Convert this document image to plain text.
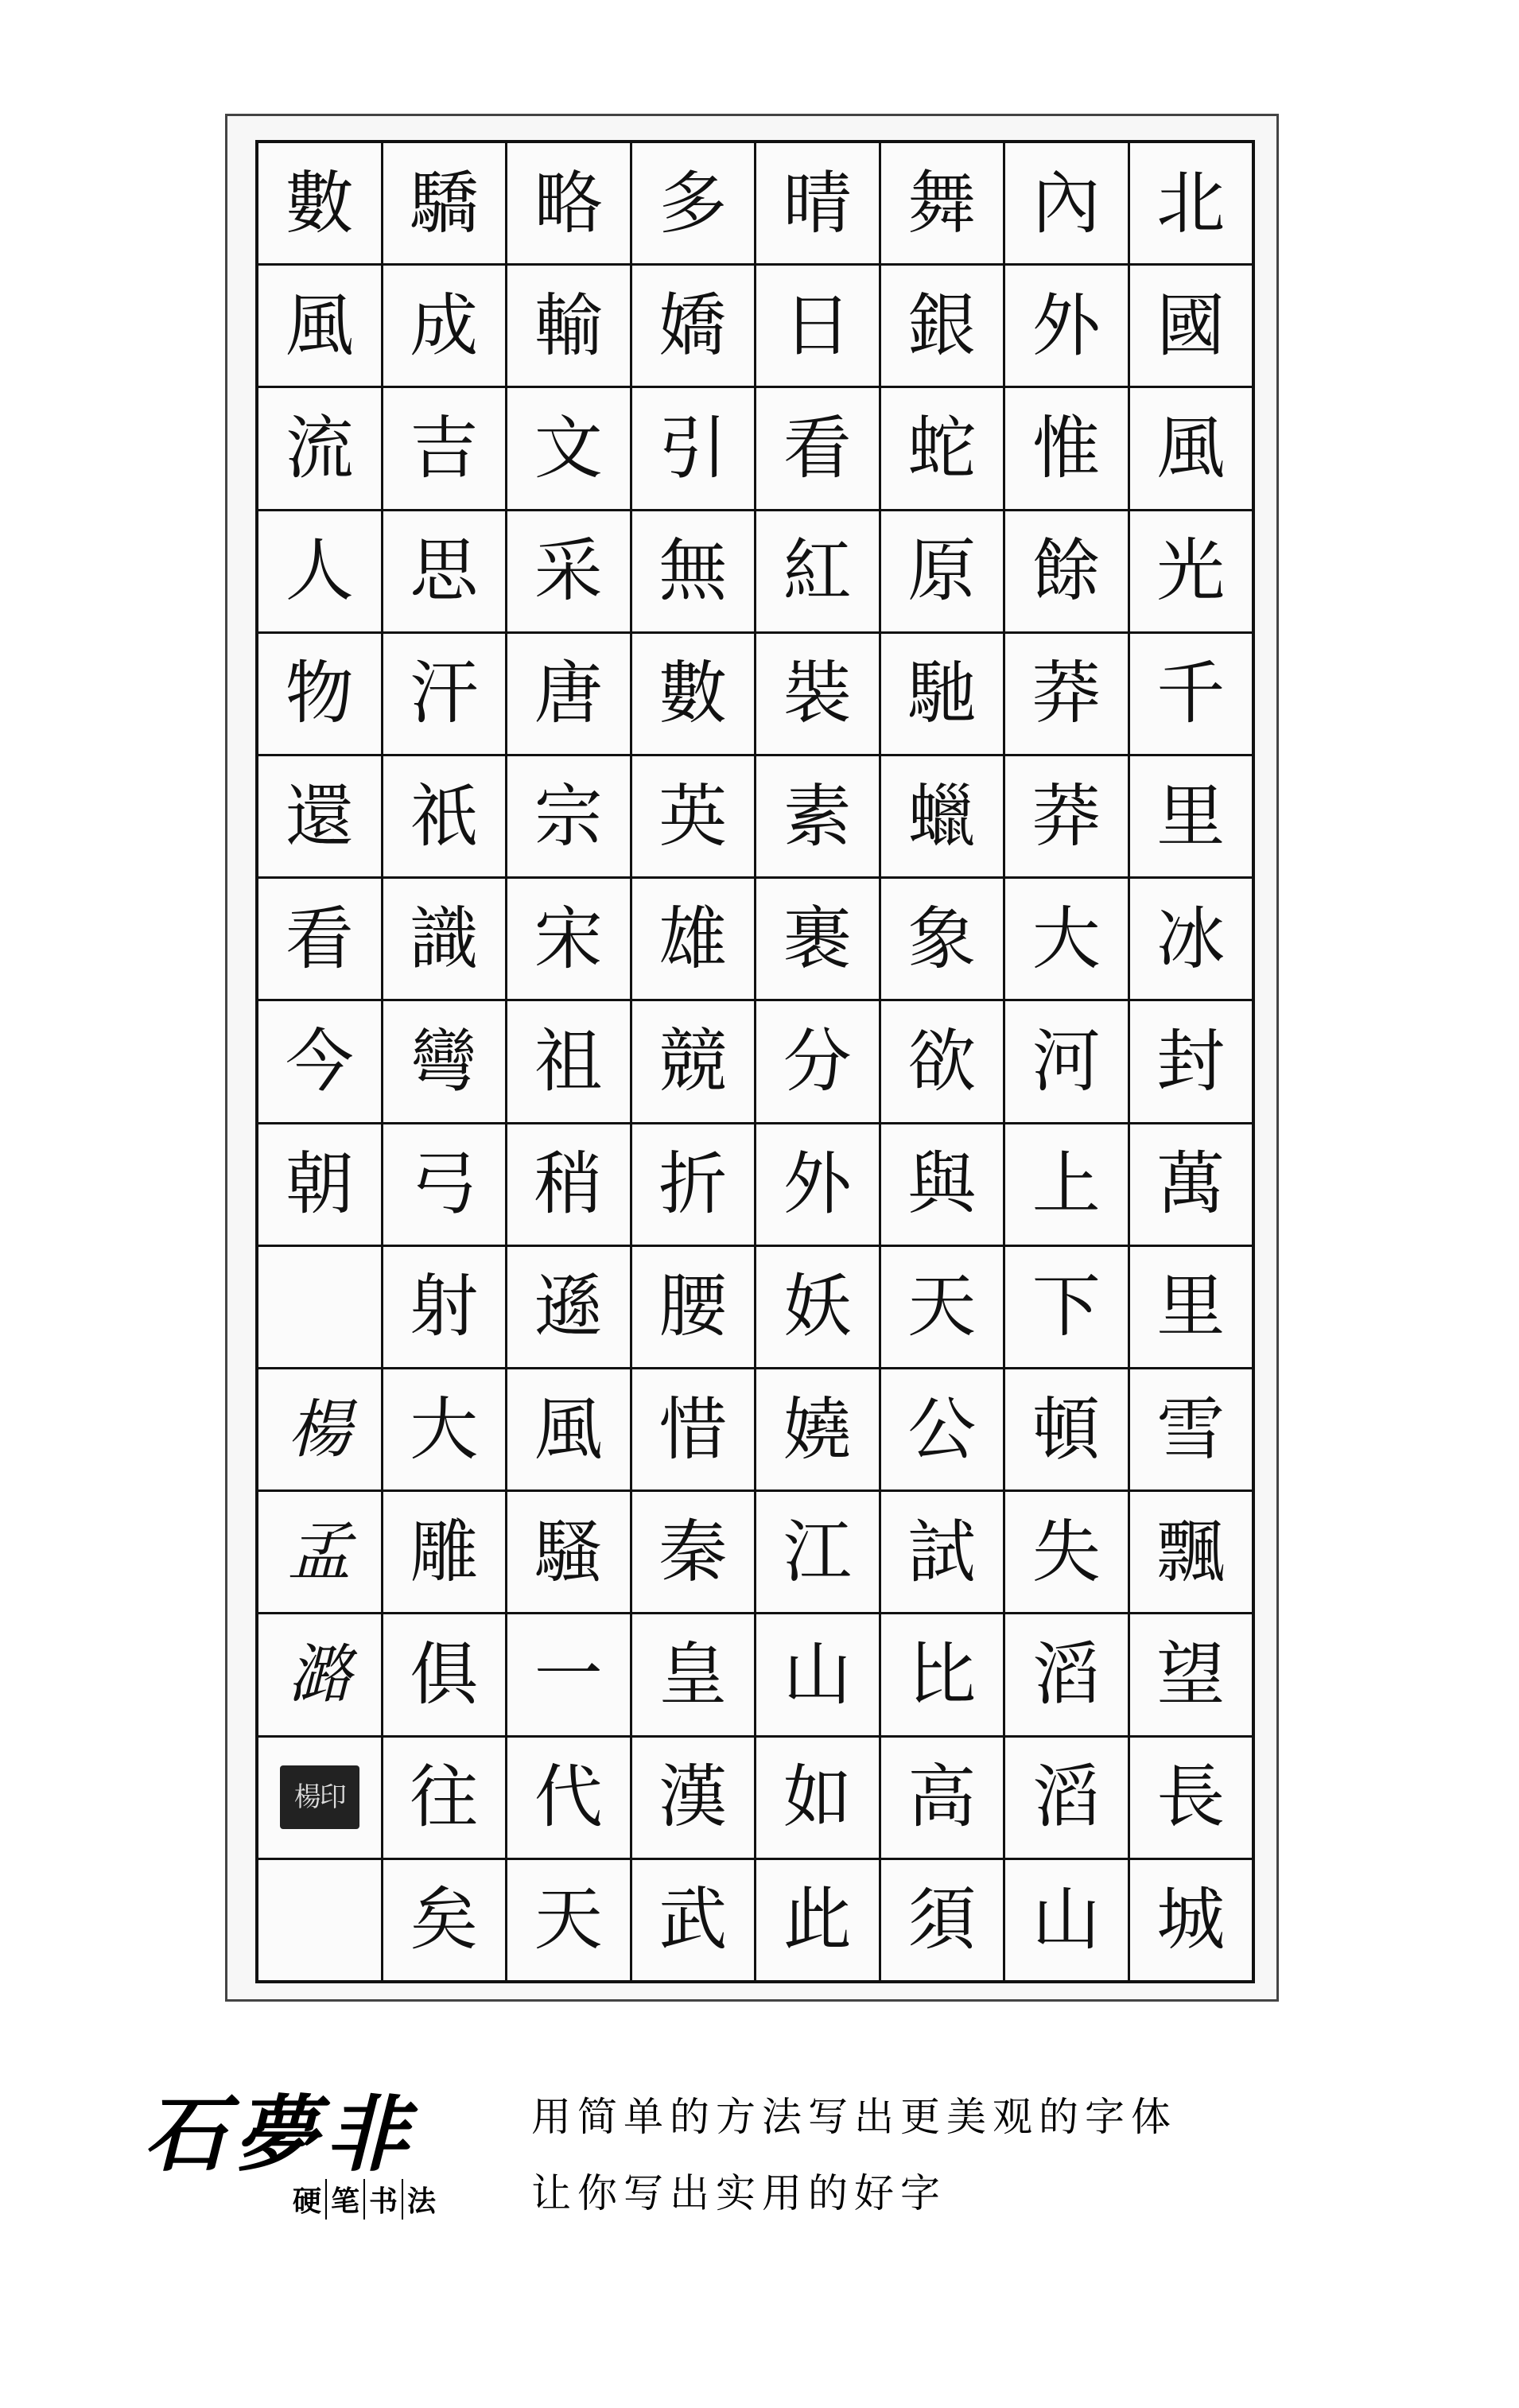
北
國
風
光
千
里
冰
封
萬
里
雪
飄
望
長
城
內
外
惟
餘
莽
莽
大
河
上
下
頓
失
滔
滔
山
舞
銀
蛇
原
馳
蠟
象
欲
與
天
公
試
比
高
須
晴
日
看
紅
裝
素
裹
分
外
妖
嬈
江
山
如
此
多
嬌
引
無
數
英
雄
競
折
腰
惜
秦
皇
漢
武
略
輸
文
采
唐
宗
宋
祖
稍
遜
風
騷
一
代
天
驕
成
吉
思
汗
祇
識
彎
弓
射
大
雕
俱
往
矣
數
風
流
人
物
還
看
今
朝
楊
孟
潞
楊印
石夢非
硬 笔 书 法
用简单的方法写出更美观的字体
让你写出实用的好字
